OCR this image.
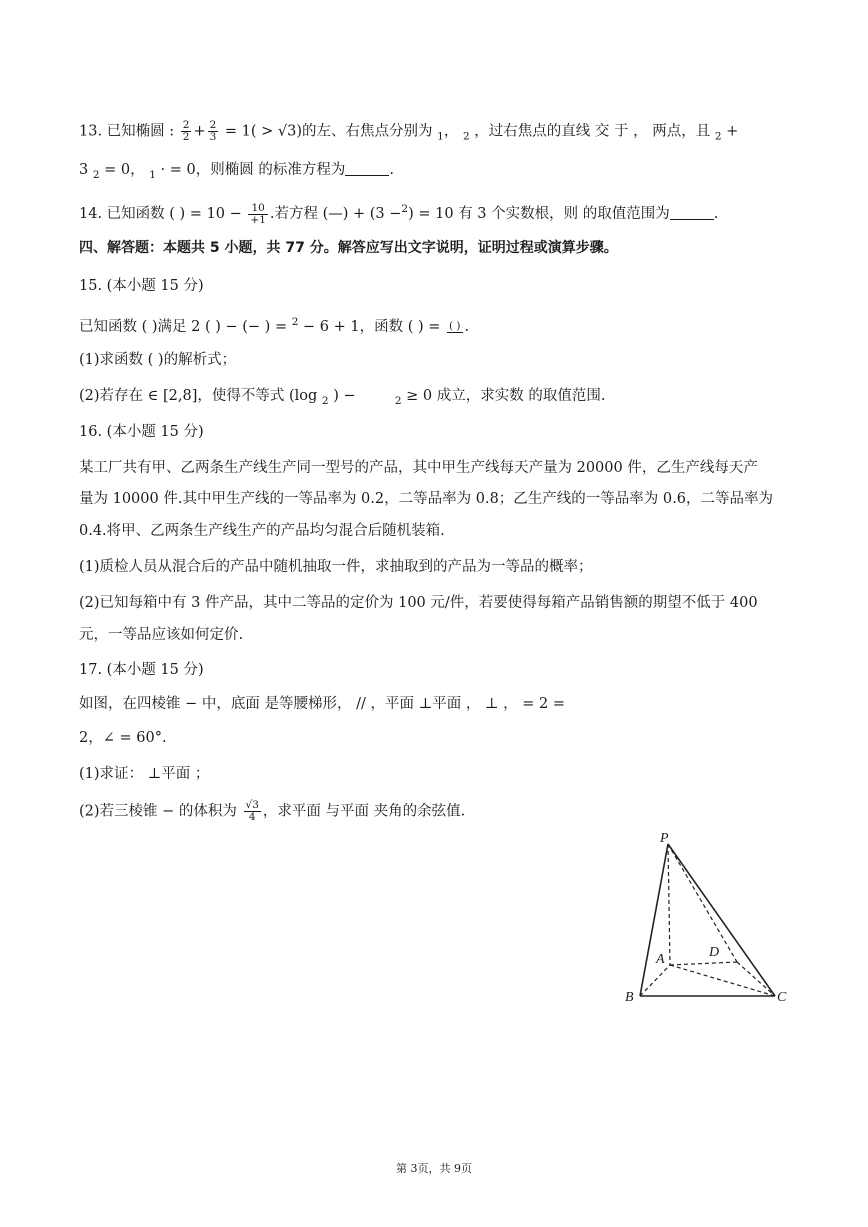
13. 已知椭圆 : $\frac{2}{2} + \frac{2}{3} = 1( > √3)$的左、右焦点分别为 $_1$， $_2$ ，过右焦点的直线 交 于 ， 两点，且 $_2$ +
3 $_2$ = 0， $_1$ · = 0，则椭圆 的标准方程为	.
14. 已知函数 ( ) = $10 - \frac{10}{+1}$ .若方程 (—) + (3 −$^2$) = 10 有 3 个实数根，则 的取值范围为	.
四、解答题：本题共 5 小题，共 77 分。解答应写出文字说明，证明过程或演算步骤。
15. (本小题 15 分)
已知函数 ( )满足 2 ( ) − (− ) = $^2$ − 6 + 1，函数 ( ) = ( ) .
(1)求函数 ( )的解析式；
(2)若存在 ∈ [2,8]，使得不等式 (log $_2$ ) −	$_2$ ≥ 0 成立，求实数 的取值范围.
16. (本小题 15 分)
某工厂共有甲、乙两条生产线生产同一型号的产品，其中甲生产线每天产量为 20000 件，乙生产线每天产
量为 10000 件.其中甲生产线的一等品率为 0.2，二等品率为 0.8；乙生产线的一等品率为 0.6，二等品率为
0.4.将甲、乙两条生产线生产的产品均匀混合后随机装箱.
(1)质检人员从混合后的产品中随机抽取一件，求抽取到的产品为一等品的概率；
(2)已知每箱中有 3 件产品，其中二等品的定价为 100 元/件，若要使得每箱产品销售额的期望不低于 400
元，一等品应该如何定价.
17. (本小题 15 分)
如图，在四棱锥 − 中，底面 是等腰梯形， // ，平面 ⊥平面 ， ⊥ ， = 2 =
2，∠ = 60°.
(1)求证： ⊥平面 ；
(2)若三棱锥 − 的体积为 $\frac{√3}{4}$ ，求平面 与平面 夹角的余弦值.
P
A	D
B	C
第 3页，共 9页
